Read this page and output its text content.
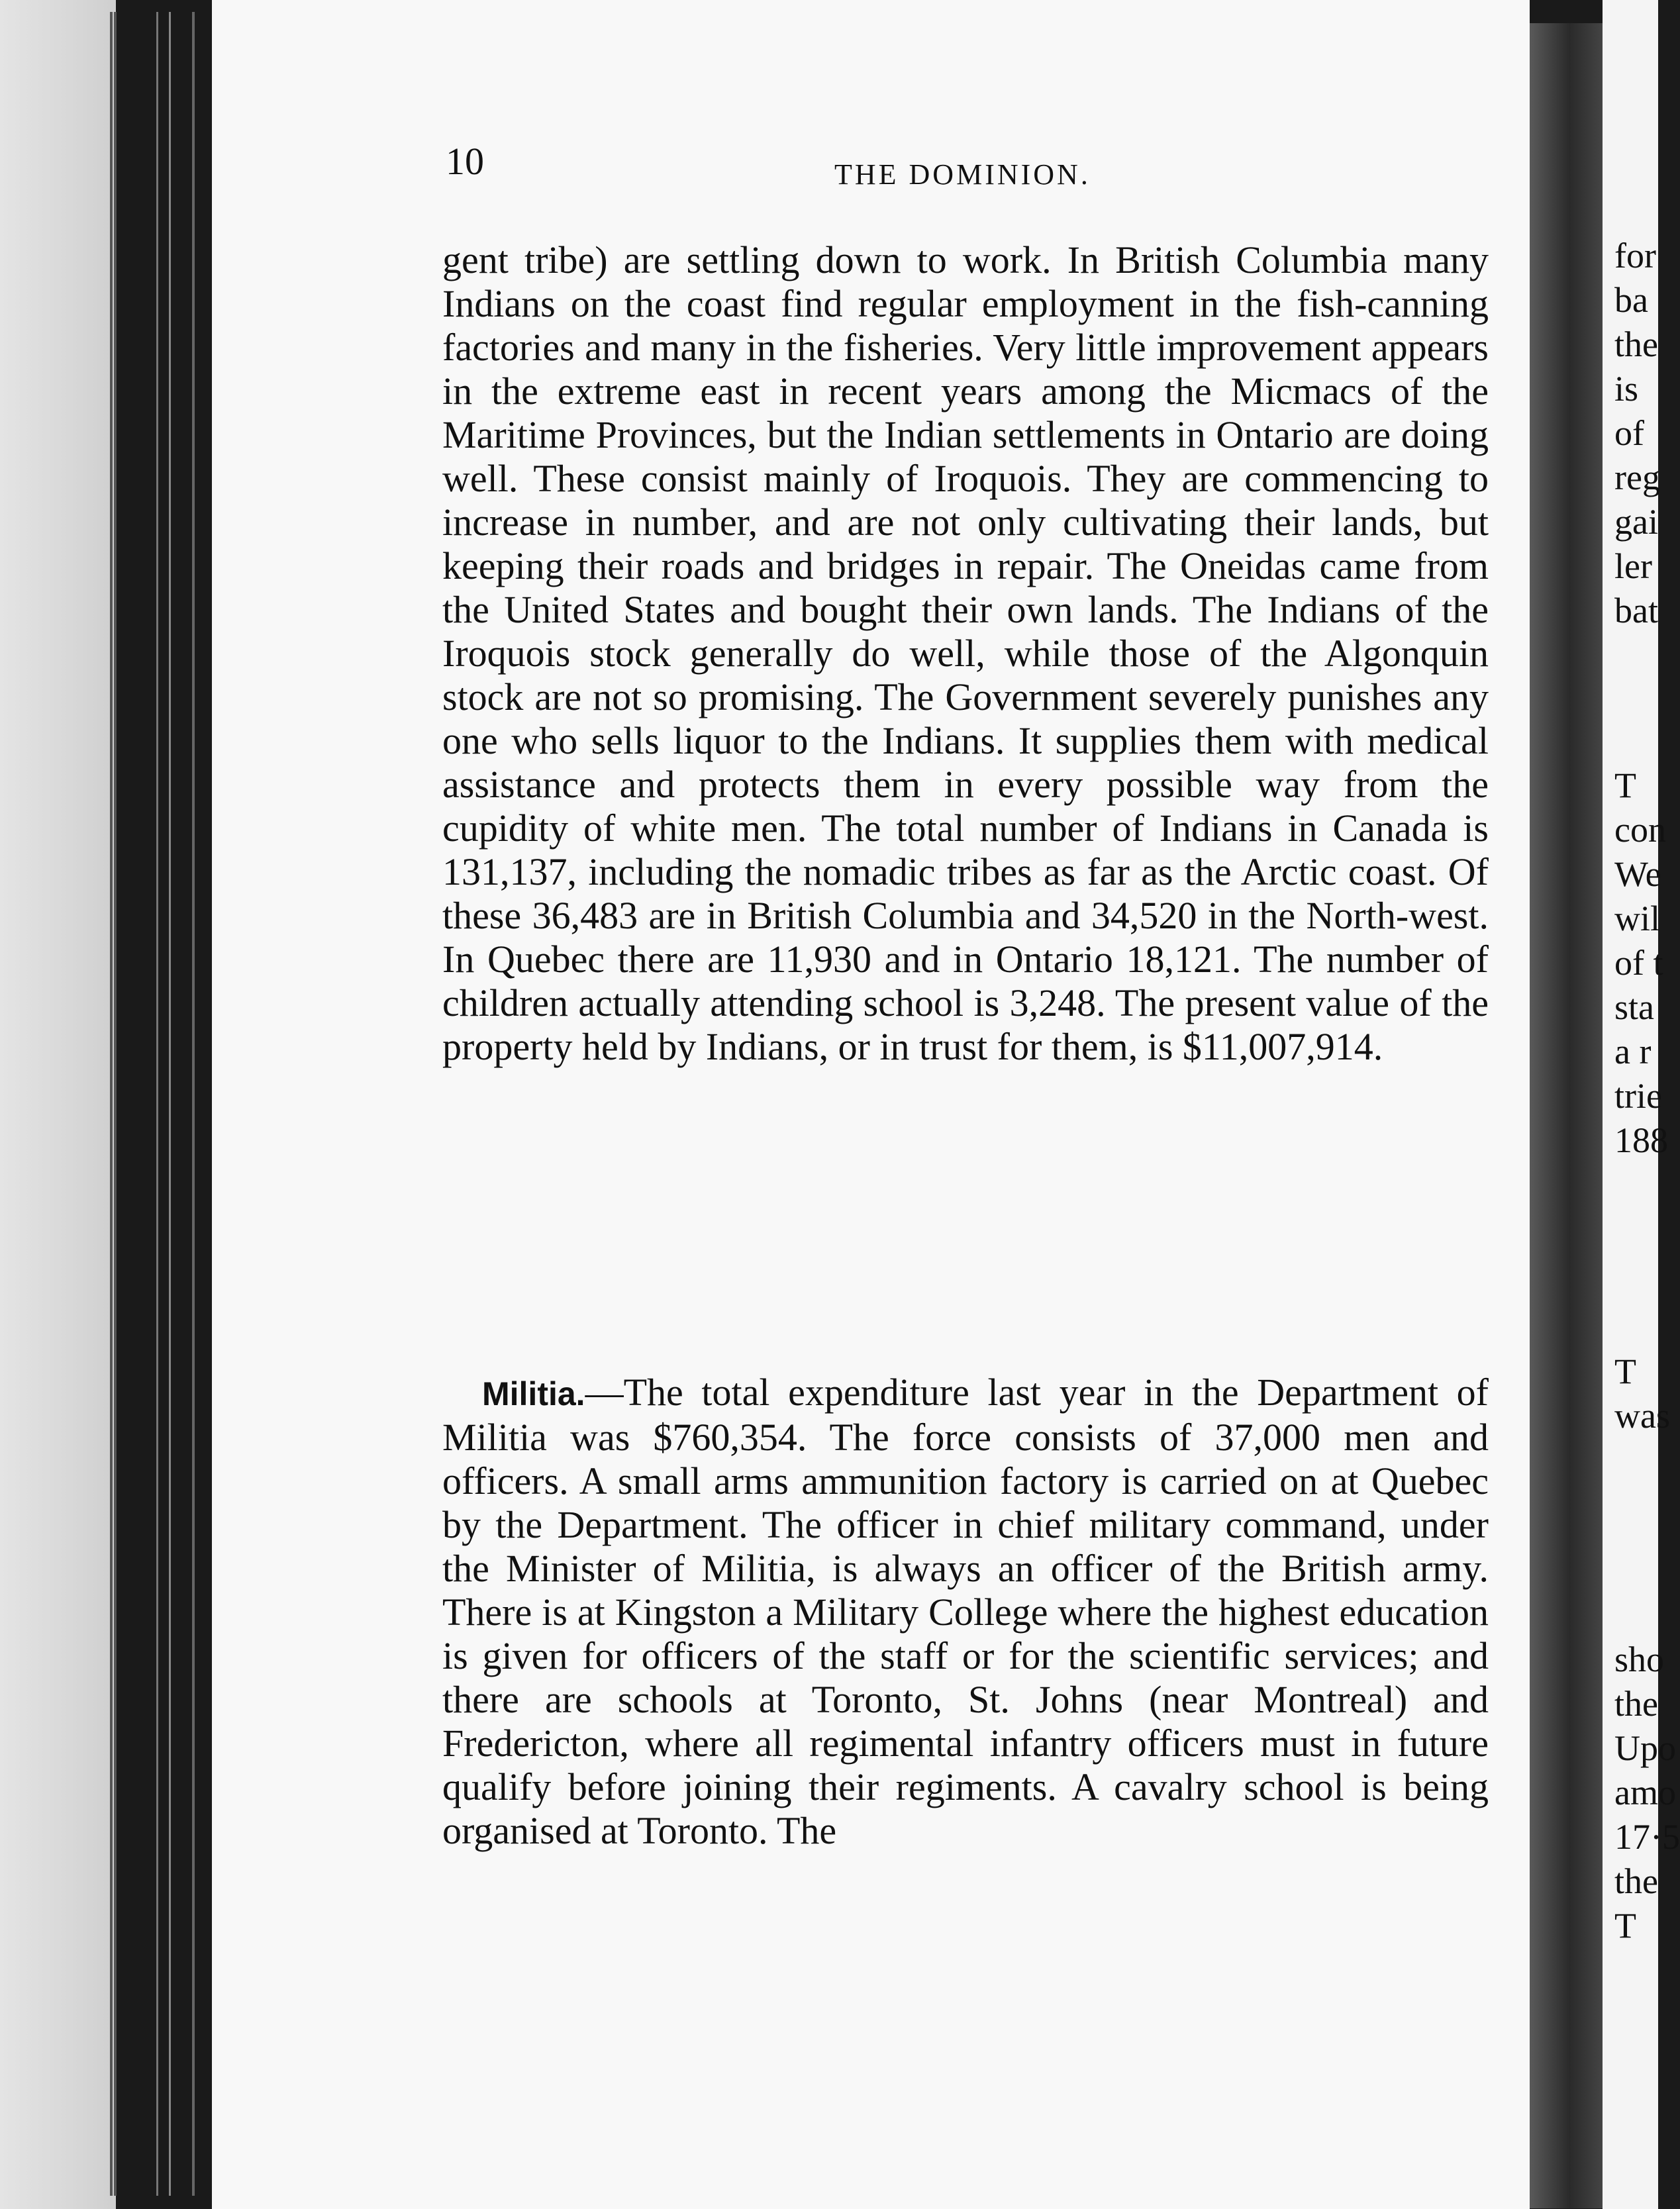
10	THE DOMINION.
gent tribe) are settling down to work. In British Columbia many Indians on the coast find regular employment in the fish-canning factories and many in the fisheries. Very little improvement appears in the extreme east in recent years among the Micmacs of the Maritime Provinces, but the Indian settlements in Ontario are doing well. These consist mainly of Iroquois. They are commencing to increase in number, and are not only cultivating their lands, but keeping their roads and bridges in repair. The Oneidas came from the United States and bought their own lands. The Indians of the Iroquois stock generally do well, while those of the Algonquin stock are not so promising. The Government severely punishes any one who sells liquor to the Indians. It supplies them with medical assistance and protects them in every possible way from the cupidity of white men. The total number of Indians in Canada is 131,137, including the nomadic tribes as far as the Arctic coast. Of these 36,483 are in British Columbia and 34,520 in the North-west. In Quebec there are 11,930 and in Ontario 18,121. The number of children actually attending school is 3,248. The present value of the property held by Indians, or in trust for them, is $11,007,914.
Militia.—The total expenditure last year in the Department of Militia was $760,354. The force consists of 37,000 men and officers. A small arms ammunition factory is carried on at Quebec by the Department. The officer in chief military command, under the Minister of Militia, is always an officer of the British army. There is at Kingston a Military College where the highest education is given for officers of the staff or for the scientific services; and there are schools at Toronto, St. Johns (near Montreal) and Fredericton, where all regimental infantry officers must in future qualify before joining their regiments. A cavalry school is being organised at Toronto. The
for
ba
the
is
of
reg
gai
ler
bat
T
con
We
wil
of t
sta
a r
trie
188
T
was
sho
the
Upo
amo
17·5
the
T
